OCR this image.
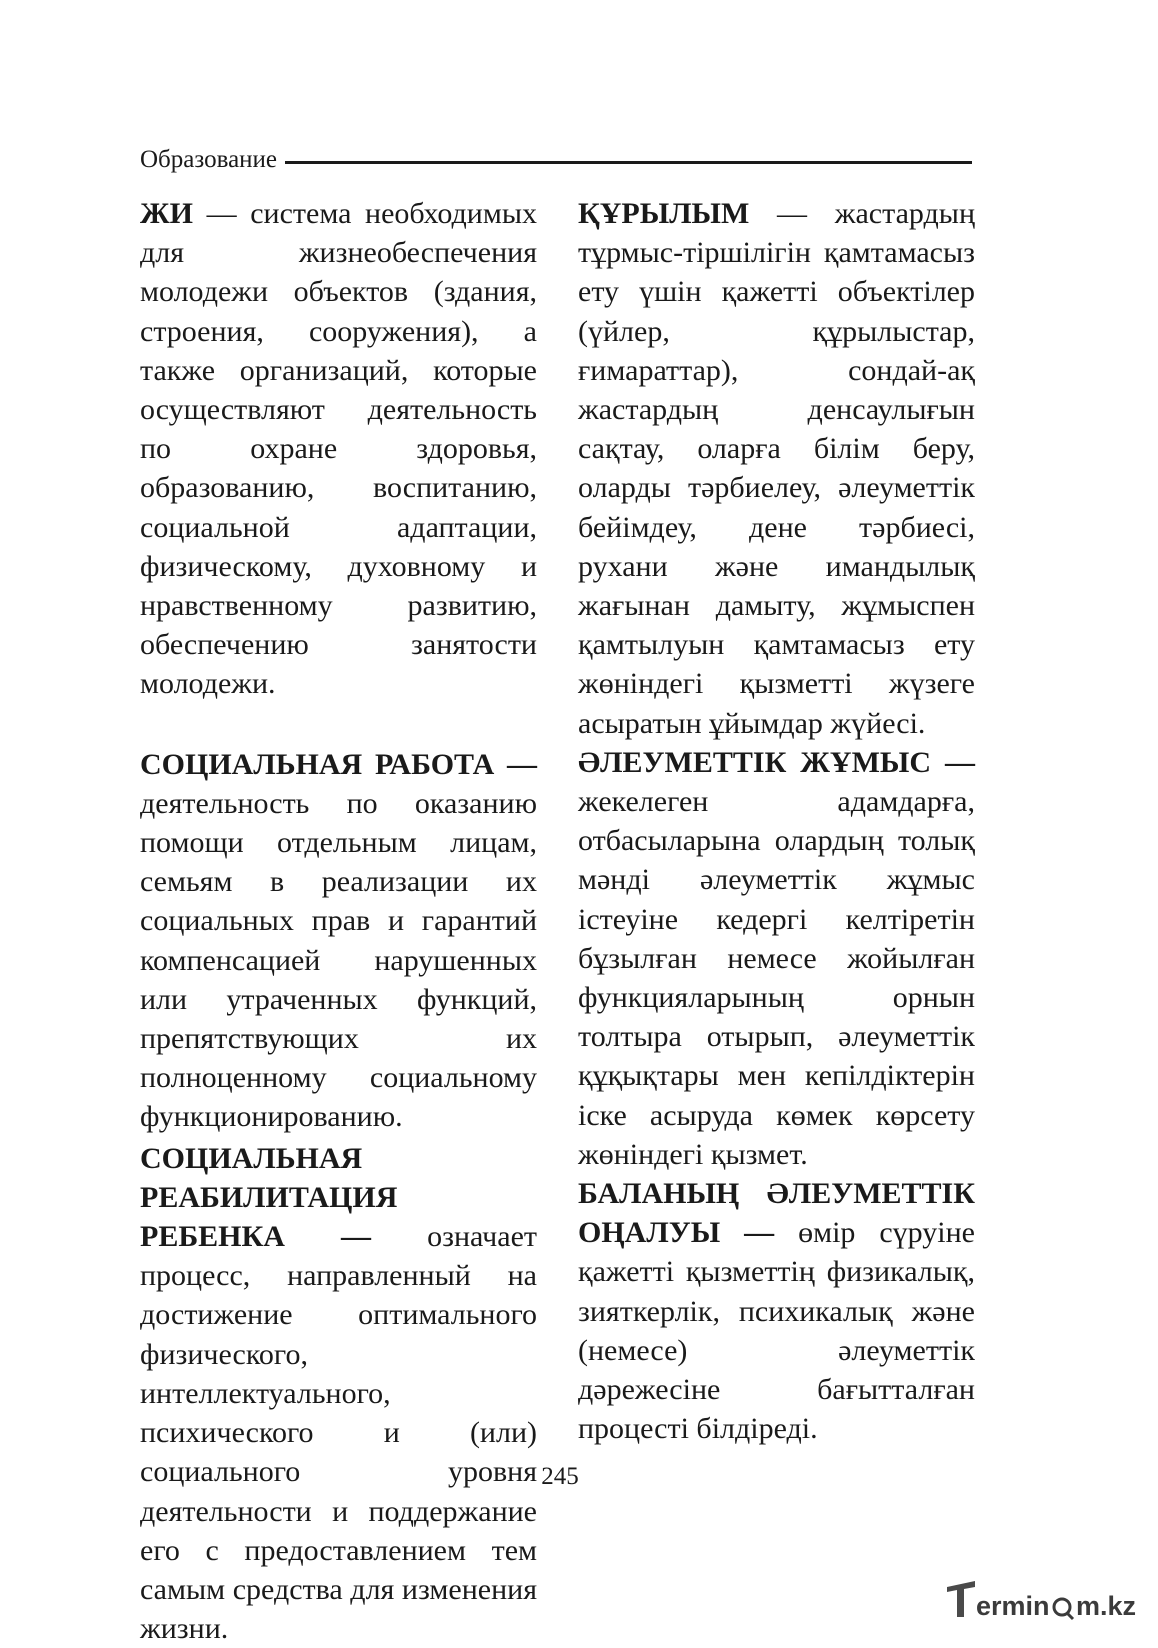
Образование

ЖИ — система необходимых для жизнеобеспечения молодежи объектов (здания, строения, сооружения), а также организаций, которые осуществляют деятельность по охране здоровья, образованию, воспитанию, социальной адаптации, физическому, духовному и нравственному развитию, обеспечению занятости молодежи.

СОЦИАЛЬНАЯ РАБОТА — деятельность по оказанию помощи отдельным лицам, семьям в реализации их социальных прав и гарантий компенсацией нарушенных или утраченных функций, препятствующих их полноценному социальному функционированию.

СОЦИАЛЬНАЯ РЕАБИЛИТАЦИЯ РЕБЕНКА — означает процесс, направленный на достижение оптимального физического, интеллектуального, психического и (или) социального уровня деятельности и поддержание его с предоставлением тем самым средства для изменения жизни.

ҚҰРЫЛЫМ — жастардың тұрмыс-тіршілігін қамтамасыз ету үшін қажетті объектілер (үйлер, құрылыстар, ғимараттар), сондай-ақ жастардың денсаулығын сақтау, оларға білім беру, оларды тәрбиелеу, әлеуметтік бейімдеу, дене тәрбиесі, рухани және имандылық жағынан дамыту, жұмыспен қамтылуын қамтамасыз ету жөніндегі қызметті жүзеге асыратын ұйымдар жүйесі.

ӘЛЕУМЕТТІК ЖҰМЫС — жекелеген адамдарға, отбасыларына олардың толық мәнді әлеуметтік жұмыс істеуіне кедергі келтіретін бұзылған немесе жойылған функцияларының орнын толтыра отырып, әлеуметтік құқықтары мен кепілдіктерін іске асыруда көмек көрсету жөніндегі қызмет.

БАЛАНЫҢ ӘЛЕУМЕТТІК ОҢАЛУЫ — өмір сүруіне қажетті қызметтің физикалық, зияткерлік, психикалық және (немесе) әлеуметтік дәрежесіне бағытталған процесті білдіреді.

245
ermin m.kz
